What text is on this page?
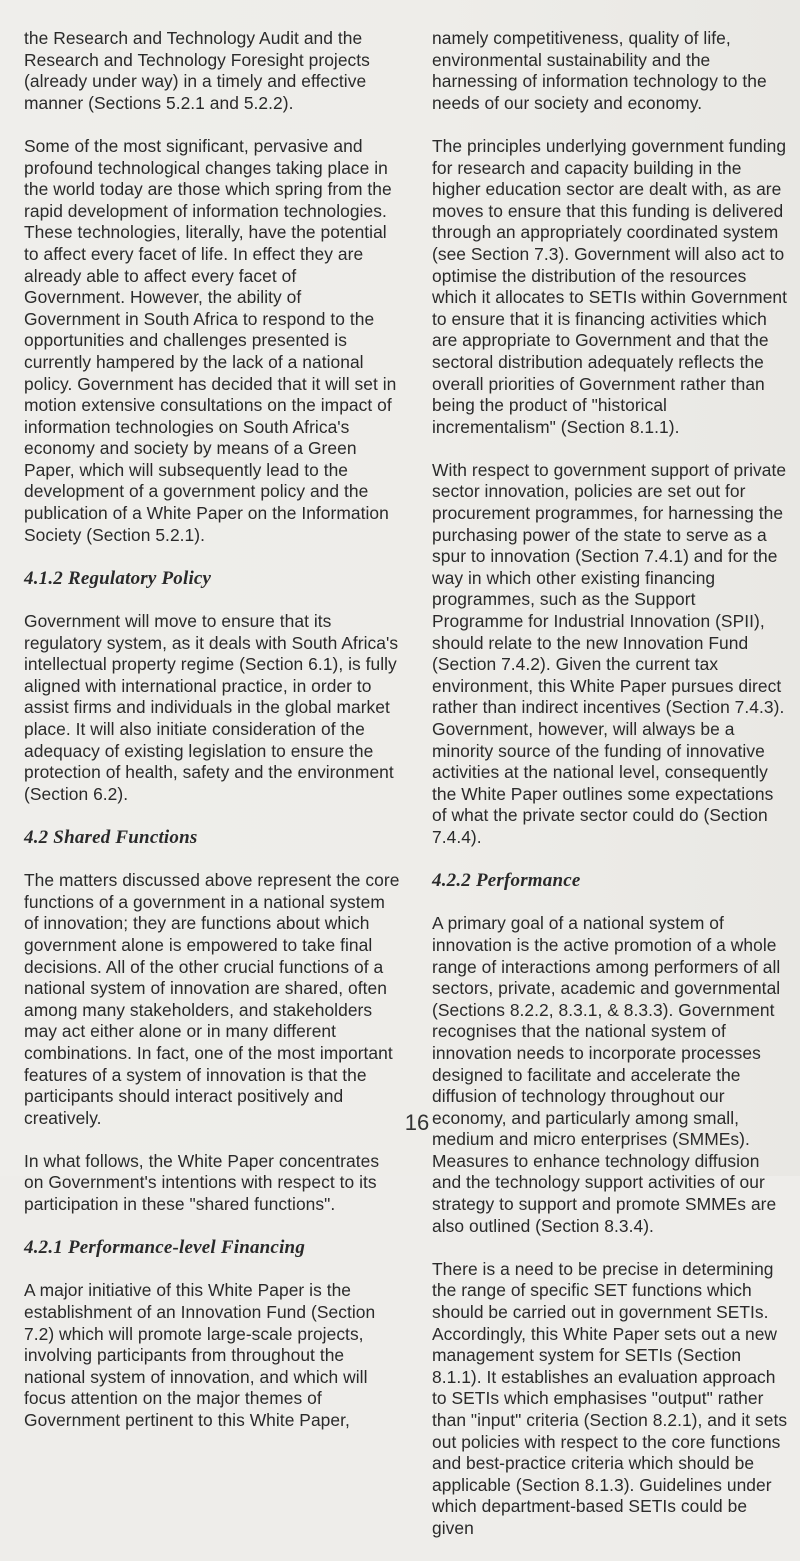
the Research and Technology Audit and the Research and Technology Foresight projects (already under way) in a timely and effective manner (Sections 5.2.1 and 5.2.2).

Some of the most significant, pervasive and profound technological changes taking place in the world today are those which spring from the rapid development of information technologies. These technologies, literally, have the potential to affect every facet of life. In effect they are already able to affect every facet of Government. However, the ability of Government in South Africa to respond to the opportunities and challenges presented is currently hampered by the lack of a national policy. Government has decided that it will set in motion extensive consultations on the impact of information technologies on South Africa's economy and society by means of a Green Paper, which will subsequently lead to the development of a government policy and the publication of a White Paper on the Information Society (Section 5.2.1).

4.1.2 Regulatory Policy

Government will move to ensure that its regulatory system, as it deals with South Africa's intellectual property regime (Section 6.1), is fully aligned with international practice, in order to assist firms and individuals in the global market place. It will also initiate consideration of the adequacy of existing legislation to ensure the protection of health, safety and the environment (Section 6.2).

4.2 Shared Functions

The matters discussed above represent the core functions of a government in a national system of innovation; they are functions about which government alone is empowered to take final decisions. All of the other crucial functions of a national system of innovation are shared, often among many stakeholders, and stakeholders may act either alone or in many different combinations. In fact, one of the most important features of a system of innovation is that the participants should interact positively and creatively.

In what follows, the White Paper concentrates on Government's intentions with respect to its participation in these "shared functions".

4.2.1 Performance-level Financing

A major initiative of this White Paper is the establishment of an Innovation Fund (Section 7.2) which will promote large-scale projects, involving participants from throughout the national system of innovation, and which will focus attention on the major themes of Government pertinent to this White Paper,

namely competitiveness, quality of life, environmental sustainability and the harnessing of information technology to the needs of our society and economy.

The principles underlying government funding for research and capacity building in the higher education sector are dealt with, as are moves to ensure that this funding is delivered through an appropriately coordinated system (see Section 7.3). Government will also act to optimise the distribution of the resources which it allocates to SETIs within Government to ensure that it is financing activities which are appropriate to Government and that the sectoral distribution adequately reflects the overall priorities of Government rather than being the product of "historical incrementalism" (Section 8.1.1).

With respect to government support of private sector innovation, policies are set out for procurement programmes, for harnessing the purchasing power of the state to serve as a spur to innovation (Section 7.4.1) and for the way in which other existing financing programmes, such as the Support Programme for Industrial Innovation (SPII), should relate to the new Innovation Fund (Section 7.4.2). Given the current tax environment, this White Paper pursues direct rather than indirect incentives (Section 7.4.3). Government, however, will always be a minority source of the funding of innovative activities at the national level, consequently the White Paper outlines some expectations of what the private sector could do (Section 7.4.4).

4.2.2 Performance

A primary goal of a national system of innovation is the active promotion of a whole range of interactions among performers of all sectors, private, academic and governmental (Sections 8.2.2, 8.3.1, & 8.3.3). Government recognises that the national system of innovation needs to incorporate processes designed to facilitate and accelerate the diffusion of technology throughout our economy, and particularly among small, medium and micro enterprises (SMMEs). Measures to enhance technology diffusion and the technology support activities of our strategy to support and promote SMMEs are also outlined (Section 8.3.4).

There is a need to be precise in determining the range of specific SET functions which should be carried out in government SETIs. Accordingly, this White Paper sets out a new management system for SETIs (Section 8.1.1). It establishes an evaluation approach to SETIs which emphasises "output" rather than "input" criteria (Section 8.2.1), and it sets out policies with respect to the core functions and best-practice criteria which should be applicable (Section 8.1.3). Guidelines under which department-based SETIs could be given

16
